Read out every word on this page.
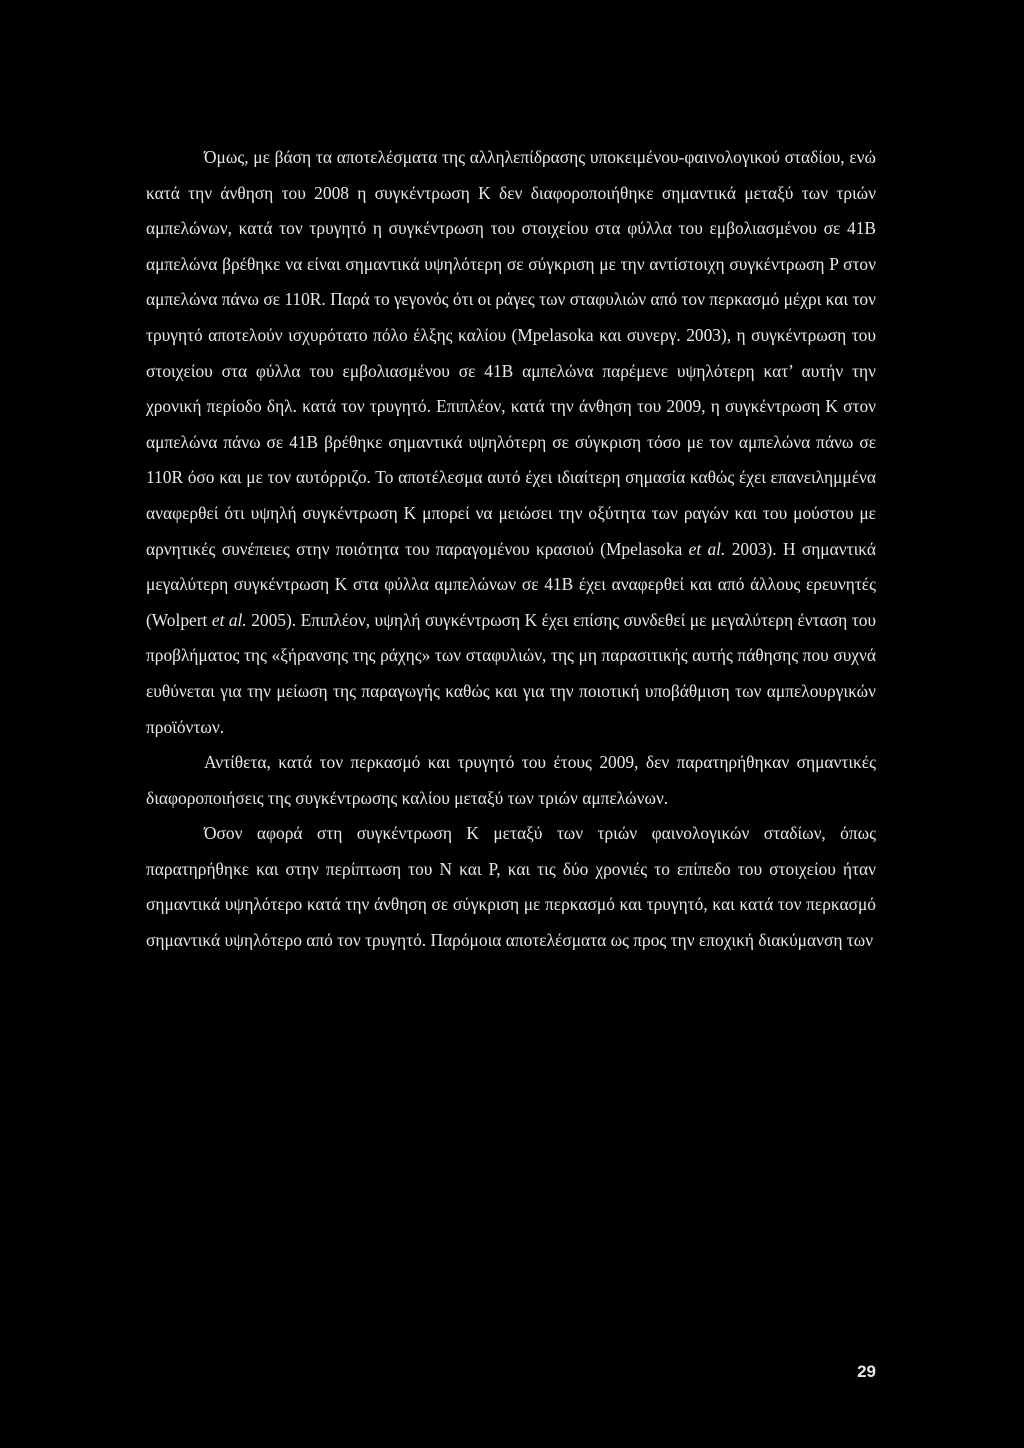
Όμως, με βάση τα αποτελέσματα της αλληλεπίδρασης υποκειμένου-φαινολογικού σταδίου, ενώ κατά την άνθηση του 2008 η συγκέντρωση K δεν διαφοροποιήθηκε σημαντικά μεταξύ των τριών αμπελώνων, κατά τον τρυγητό η συγκέντρωση του στοιχείου στα φύλλα του εμβολιασμένου σε 41B αμπελώνα βρέθηκε να είναι σημαντικά υψηλότερη σε σύγκριση με την αντίστοιχη συγκέντρωση P στον αμπελώνα πάνω σε 110R. Παρά το γεγονός ότι οι ράγες των σταφυλιών από τον περκασμό μέχρι και τον τρυγητό αποτελούν ισχυρότατο πόλο έλξης καλίου (Mpelasoka και συνεργ. 2003), η συγκέντρωση του στοιχείου στα φύλλα του εμβολιασμένου σε 41B αμπελώνα παρέμενε υψηλότερη κατ’ αυτήν την χρονική περίοδο δηλ. κατά τον τρυγητό. Επιπλέον, κατά την άνθηση του 2009, η συγκέντρωση K στον αμπελώνα πάνω σε 41B βρέθηκε σημαντικά υψηλότερη σε σύγκριση τόσο με τον αμπελώνα πάνω σε 110R όσο και με τον αυτόρριζο. Το αποτέλεσμα αυτό έχει ιδιαίτερη σημασία καθώς έχει επανειλημμένα αναφερθεί ότι υψηλή συγκέντρωση K μπορεί να μειώσει την οξύτητα των ραγών και του μούστου με αρνητικές συνέπειες στην ποιότητα του παραγομένου κρασιού (Mpelasoka et al. 2003). Η σημαντικά μεγαλύτερη συγκέντρωση K στα φύλλα αμπελώνων σε 41B έχει αναφερθεί και από άλλους ερευνητές (Wolpert et al. 2005). Επιπλέον, υψηλή συγκέντρωση K έχει επίσης συνδεθεί με μεγαλύτερη ένταση του προβλήματος της «ξήρανσης της ράχης» των σταφυλιών, της μη παρασιτικής αυτής πάθησης που συχνά ευθύνεται για την μείωση της παραγωγής καθώς και για την ποιοτική υποβάθμιση των αμπελουργικών προϊόντων.

Αντίθετα, κατά τον περκασμό και τρυγητό του έτους 2009, δεν παρατηρήθηκαν σημαντικές διαφοροποιήσεις της συγκέντρωσης καλίου μεταξύ των τριών αμπελώνων.

Όσον αφορά στη συγκέντρωση K μεταξύ των τριών φαινολογικών σταδίων, όπως παρατηρήθηκε και στην περίπτωση του N και P, και τις δύο χρονιές το επίπεδο του στοιχείου ήταν σημαντικά υψηλότερο κατά την άνθηση σε σύγκριση με περκασμό και τρυγητό, και κατά τον περκασμό σημαντικά υψηλότερο από τον τρυγητό. Παρόμοια αποτελέσματα ως προς την εποχική διακύμανση των

29
